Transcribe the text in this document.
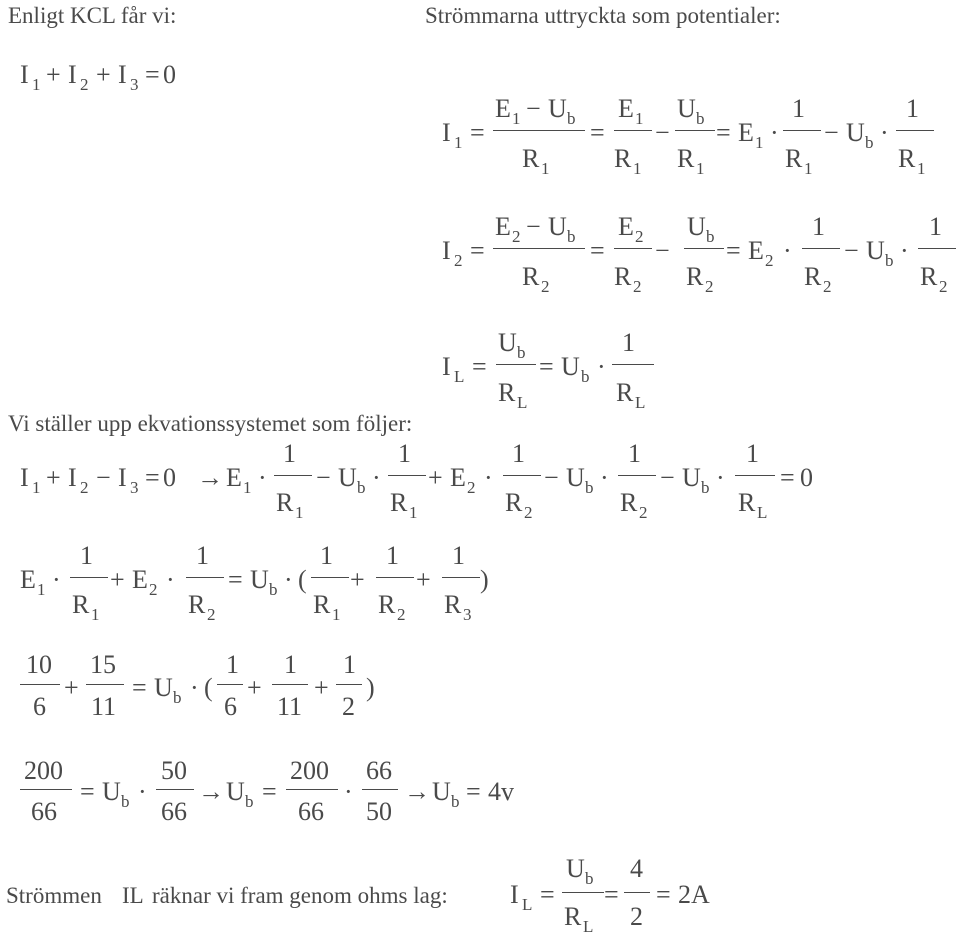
Enligt KCL får vi:	Strömmarna uttryckta som potentialer:
I 1 + I 2 + I 3 = 0
I 1 =
E 1 − U b
R 1
=
E 1
R 1
−
U b
R 1
= E 1 ·
1
R 1
− U b ·
1
R 1
I 2 =
E 2 − U b
R 2
=
E 2
R 2
−
U b
R 2
= E 2 ·
1
R 2
− U b ·
1
R 2
I L =
U b
R L
= U b ·
1
R L
Vi ställer upp ekvationssystemet som följer:
I 1 + I 2 − I 3 = 0 → E 1 ·
1
R 1
− U b ·
1
R 1
+ E 2 ·
1
R 2
− U b ·
1
R 2
− U b ·
1
R L
= 0
E 1 ·
1
R 1
+ E 2 ·
1
R 2
= U b · (
1
R 1
+
1
R 2
+
1
R 3
)
10
6
+
15
11
= U b · (
1
6
+
1
11
+
1
2
)
200
66
= U b ·
50
66
→ U b =
200
66
·
66
50
→ U b = 4v
Strömmen IL räknar vi fram genom ohms lag: I L =
U b
R L
=
4
2
= 2A
